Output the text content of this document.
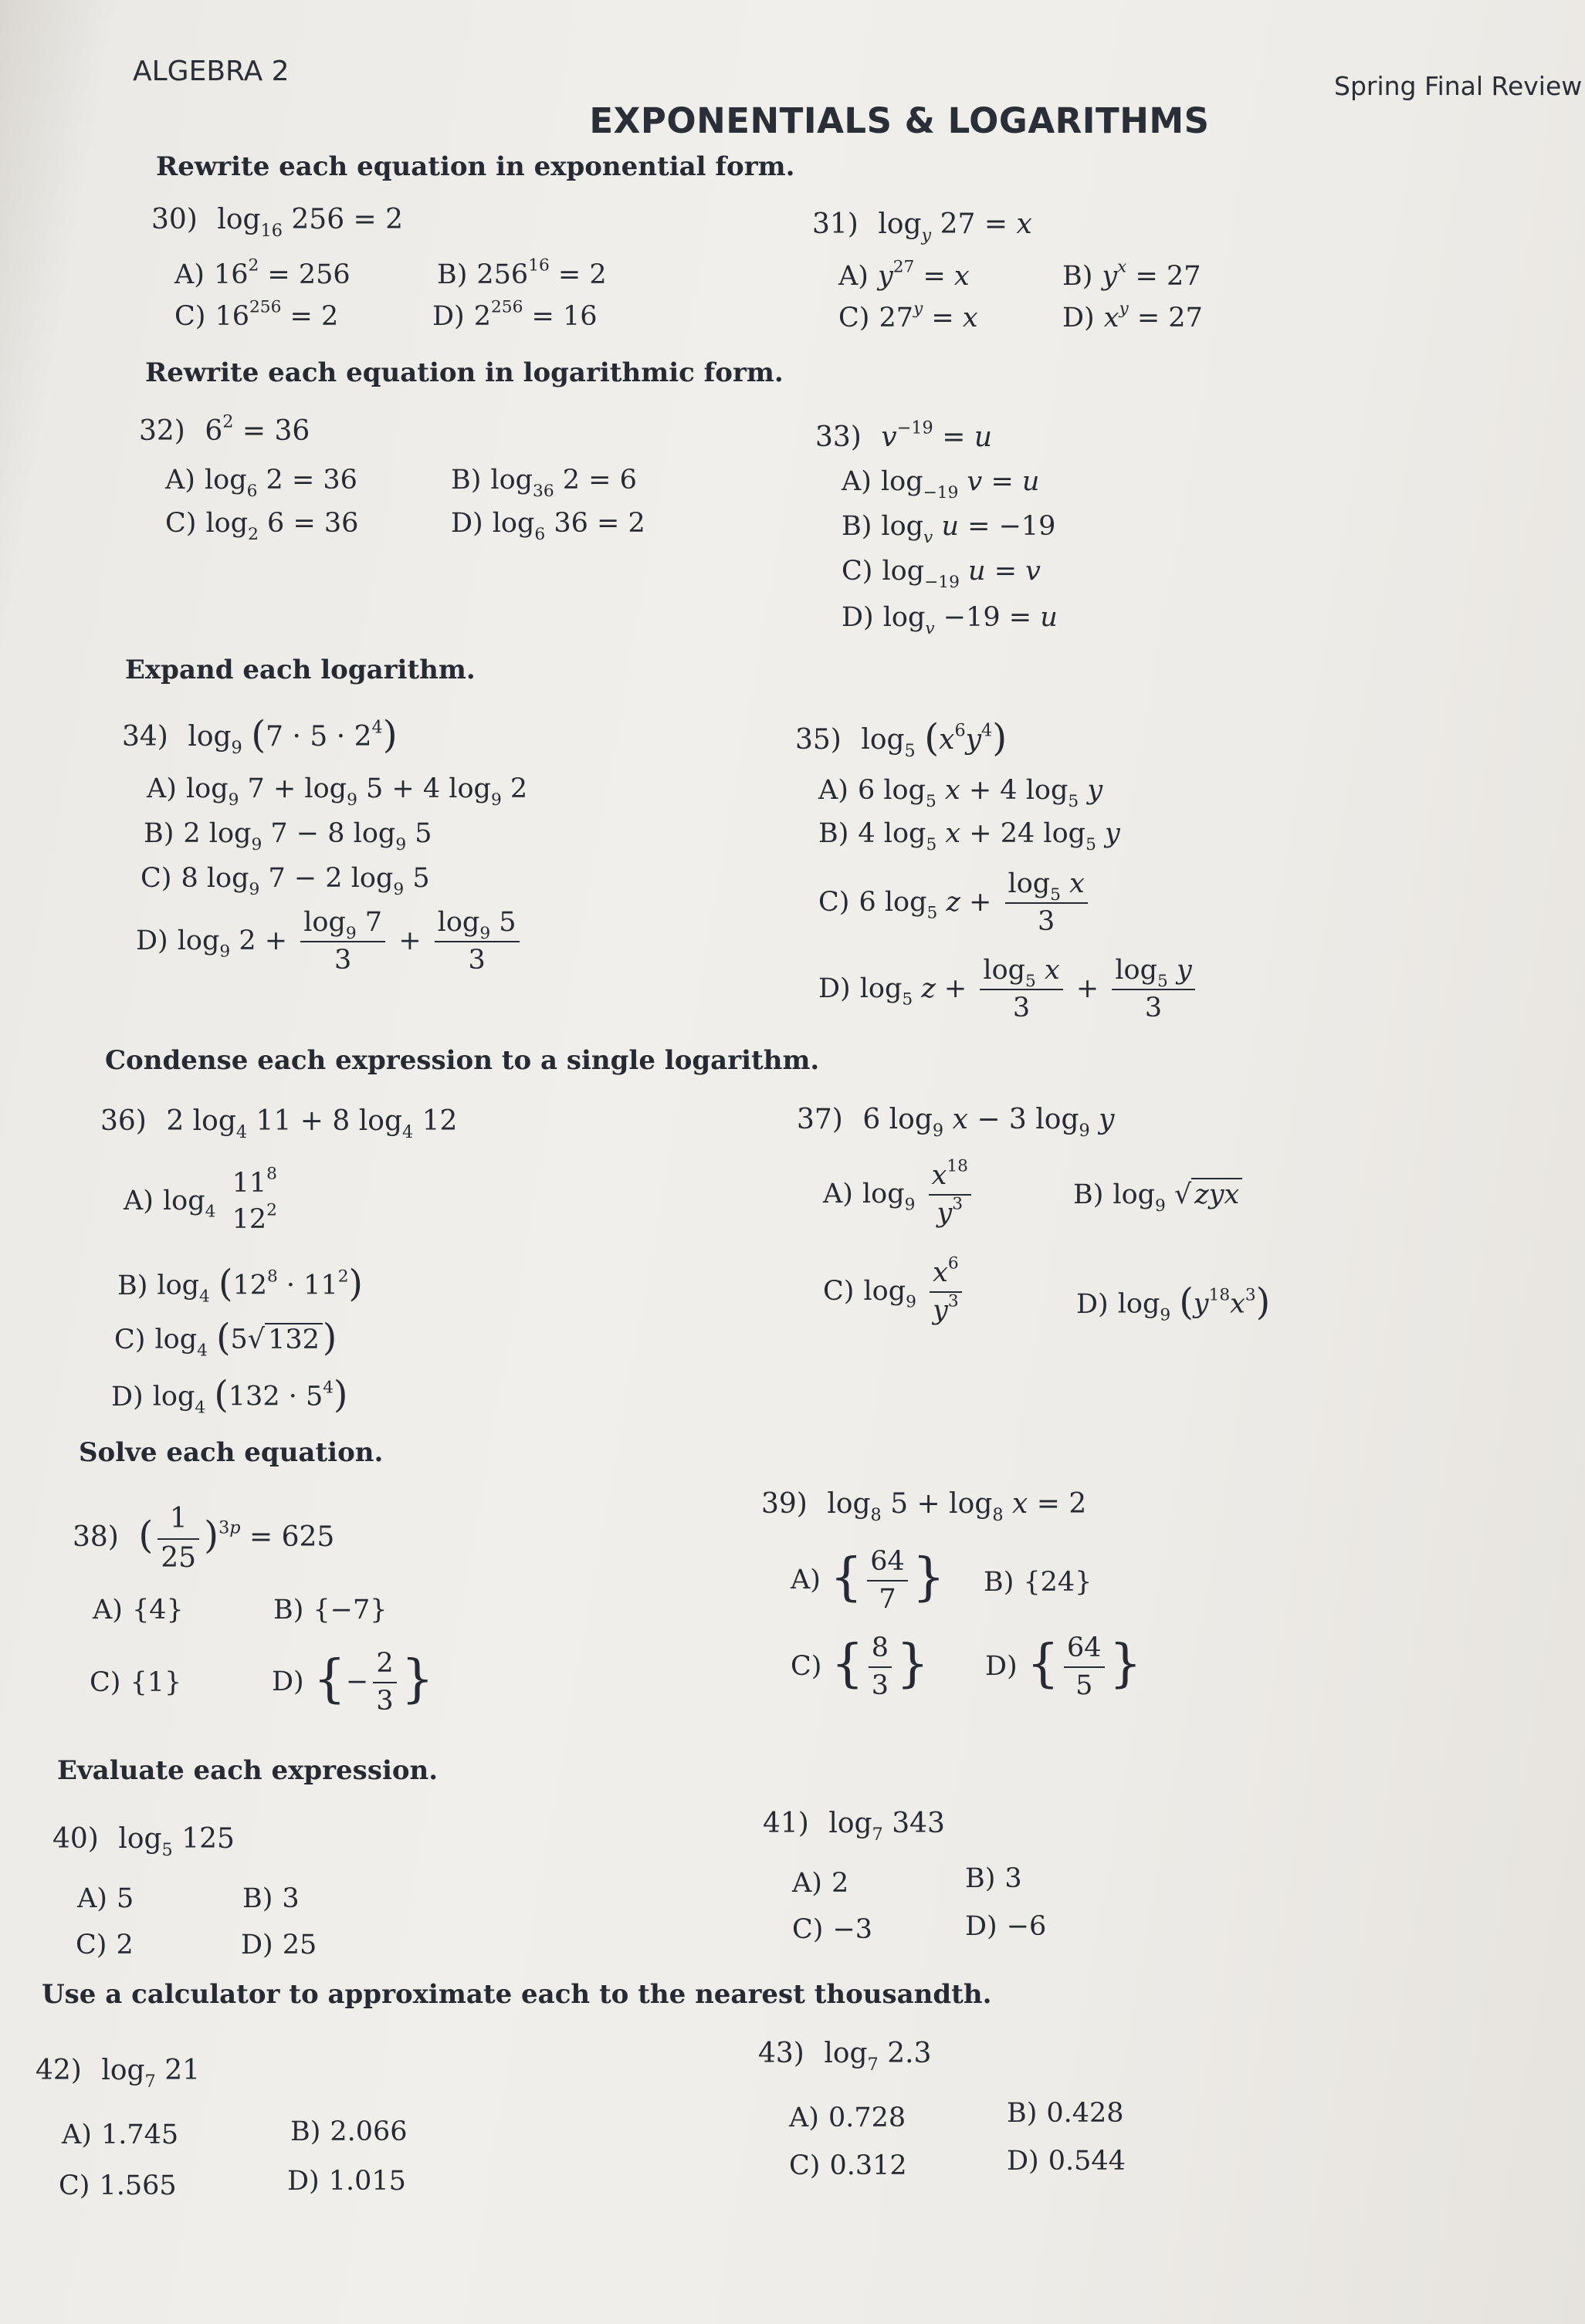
ALGEBRA 2	Spring Final Review
EXPONENTIALS & LOGARITHMS
Rewrite each equation in exponential form.
30) $\log_{16} 256 = 2$
A) $16^2 = 256$	B) $256^{16} = 2$
C) $16^{256} = 2$	D) $2^{256} = 16$
31) $\log_y 27 = x$
A) $y^{27} = x$	B) $y^x = 27$
C) $27^y = x$	D) $x^y = 27$
Rewrite each equation in logarithmic form.
32) $6^2 = 36$
A) $\log_6 2 = 36$	B) $\log_{36} 2 = 6$
C) $\log_2 6 = 36$	D) $\log_6 36 = 2$
33) $v^{-19} = u$
A) $\log_{-19} v = u$
B) $\log_v u = -19$
C) $\log_{-19} u = v$
D) $\log_v -19 = u$
Expand each logarithm.
34) $\log_9 (7 \cdot 5 \cdot 2^4)$
A) $\log_9 7 + \log_9 5 + 4$ $\log_9 2$
B) 2 $\log_9 7 - 8$ $\log_9 5$
C) 8 $\log_9 7 - 2$ $\log_9 5$
D) $\log_9 2 + \frac{\log_9 7}{3} + \frac{\log_9 5}{3}$
35) $\log_5 (x^6y^4)$
A) 6 $\log_5 x + 4$ $\log_5 y$
B) 4 $\log_5 x + 24$ $\log_5 y$
C) 6 $\log_5 z + \frac{\log_5 x}{3}$
D) $\log_5 z + \frac{\log_5 x}{3} + \frac{\log_5 y}{3}$
Condense each expression to a single logarithm.
36) 2 $\log_4 11 + 8$ $\log_4 12$
A) $\log_4$
$11^8$
$12^2$
B) $\log_4 (12^8 \cdot 11^2)$
C) $\log_4 (5√$ 132)
D) $\log_4 (132 \cdot 5^4)$
37) 6 $\log_9 x - 3$ $\log_9 y$
A) $\log_9 \frac{x^{18}}{y^3}$	B) $\log_9$ √ zyx
C) $\log_9 \frac{x^6}{y^3}$	D) $\log_9 (y^{18}x^3)$
Solve each equation.
38) ( $\frac{1}{25} )^{3p} = 625$
A) {4}	B) {−7}
C) {1}	D) {− $\frac{2}{3}$ }
39) $\log_8 5 + \log_8 x = 2$
A) { $\frac{64}{7}$ } B) {24}
C) { $\frac{8}{3}$ } D) { $\frac{64}{5}$ }
Evaluate each expression.
40) $\log_5 125$
A) 5	B) 3
C) 2	D) 25
41) $\log_7 343$
A) 2	B) 3
C) −3	D) −6
Use a calculator to approximate each to the nearest thousandth.
42) $\log_7 21$
A) 1.745	B) 2.066
C) 1.565	D) 1.015
43) $\log_7 2.3$
A) 0.728	B) 0.428
C) 0.312	D) 0.544
